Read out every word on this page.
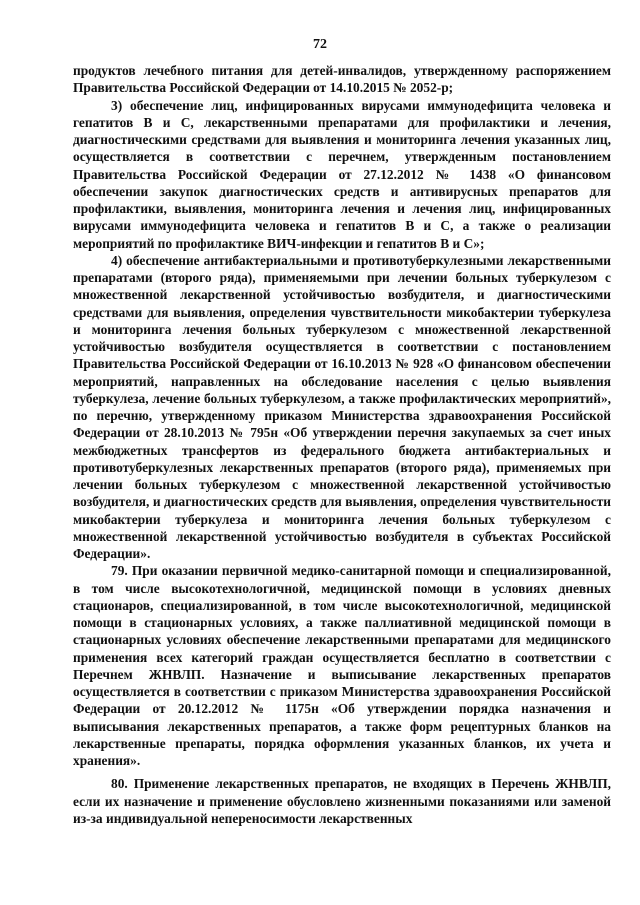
72

продуктов лечебного питания для детей-инвалидов, утвержденному распоряжением Правительства Российской Федерации от 14.10.2015 № 2052-р;

3) обеспечение лиц, инфицированных вирусами иммунодефицита человека и гепатитов В и С, лекарственными препаратами для профилактики и лечения, диагностическими средствами для выявления и мониторинга лечения указанных лиц, осуществляется в соответствии с перечнем, утвержденным постановлением Правительства Российской Федерации от 27.12.2012 № 1438 «О финансовом обеспечении закупок диагностических средств и антивирусных препаратов для профилактики, выявления, мониторинга лечения и лечения лиц, инфицированных вирусами иммунодефицита человека и гепатитов В и С, а также о реализации мероприятий по профилактике ВИЧ-инфекции и гепатитов В и С»;

4) обеспечение антибактериальными и противотуберкулезными лекарственными препаратами (второго ряда), применяемыми при лечении больных туберкулезом с множественной лекарственной устойчивостью возбудителя, и диагностическими средствами для выявления, определения чувствительности микобактерии туберкулеза и мониторинга лечения больных туберкулезом с множественной лекарственной устойчивостью возбудителя осуществляется в соответствии с постановлением Правительства Российской Федерации от 16.10.2013 № 928 «О финансовом обеспечении мероприятий, направленных на обследование населения с целью выявления туберкулеза, лечение больных туберкулезом, а также профилактических мероприятий», по перечню, утвержденному приказом Министерства здравоохранения Российской Федерации от 28.10.2013 № 795н «Об утверждении перечня закупаемых за счет иных межбюджетных трансфертов из федерального бюджета антибактериальных и противотуберкулезных лекарственных препаратов (второго ряда), применяемых при лечении больных туберкулезом с множественной лекарственной устойчивостью возбудителя, и диагностических средств для выявления, определения чувствительности микобактерии туберкулеза и мониторинга лечения больных туберкулезом с множественной лекарственной устойчивостью возбудителя в субъектах Российской Федерации».

79. При оказании первичной медико-санитарной помощи и специализированной, в том числе высокотехнологичной, медицинской помощи в условиях дневных стационаров, специализированной, в том числе высокотехнологичной, медицинской помощи в стационарных условиях, а также паллиативной медицинской помощи в стационарных условиях обеспечение лекарственными препаратами для медицинского применения всех категорий граждан осуществляется бесплатно в соответствии с Перечнем ЖНВЛП. Назначение и выписывание лекарственных препаратов осуществляется в соответствии с приказом Министерства здравоохранения Российской Федерации от 20.12.2012 № 1175н «Об утверждении порядка назначения и выписывания лекарственных препаратов, а также форм рецептурных бланков на лекарственные препараты, порядка оформления указанных бланков, их учета и хранения».

80. Применение лекарственных препаратов, не входящих в Перечень ЖНВЛП, если их назначение и применение обусловлено жизненными показаниями или заменой из-за индивидуальной непереносимости лекарственных
